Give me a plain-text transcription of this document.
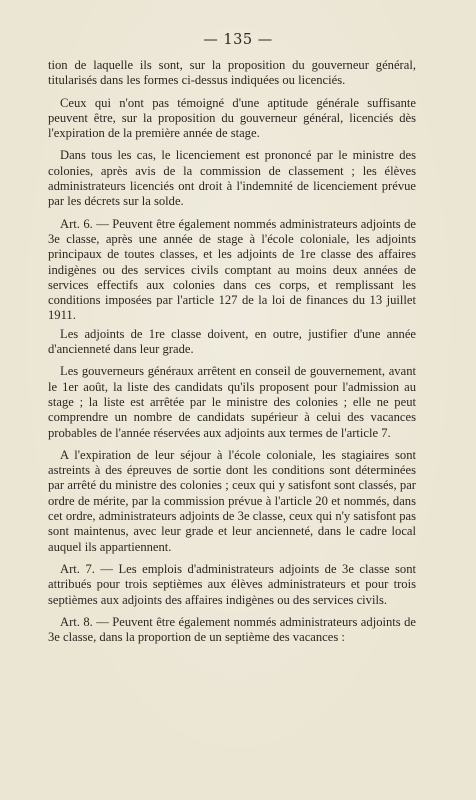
— 135 —

tion de laquelle ils sont, sur la proposition du gouverneur général, titularisés dans les formes ci-dessus indiquées ou licenciés.

Ceux qui n'ont pas témoigné d'une aptitude générale suffisante peuvent être, sur la proposition du gouverneur général, licenciés dès l'expiration de la première année de stage.

Dans tous les cas, le licenciement est prononcé par le ministre des colonies, après avis de la commission de classement ; les élèves administrateurs licenciés ont droit à l'indemnité de licenciement prévue par les décrets sur la solde.

Art. 6. — Peuvent être également nommés administrateurs adjoints de 3e classe, après une année de stage à l'école coloniale, les adjoints principaux de toutes classes, et les adjoints de 1re classe des affaires indigènes ou des services civils comptant au moins deux années de services effectifs aux colonies dans ces corps, et remplissant les conditions imposées par l'article 127 de la loi de finances du 13 juillet 1911.

Les adjoints de 1re classe doivent, en outre, justifier d'une année d'ancienneté dans leur grade.

Les gouverneurs généraux arrêtent en conseil de gouvernement, avant le 1er août, la liste des candidats qu'ils proposent pour l'admission au stage ; la liste est arrêtée par le ministre des colonies ; elle ne peut comprendre un nombre de candidats supérieur à celui des vacances probables de l'année réservées aux adjoints aux termes de l'article 7.

A l'expiration de leur séjour à l'école coloniale, les stagiaires sont astreints à des épreuves de sortie dont les conditions sont déterminées par arrêté du ministre des colonies ; ceux qui y satisfont sont classés, par ordre de mérite, par la commission prévue à l'article 20 et nommés, dans cet ordre, administrateurs adjoints de 3e classe, ceux qui n'y satisfont pas sont maintenus, avec leur grade et leur ancienneté, dans le cadre local auquel ils appartiennent.

Art. 7. — Les emplois d'administrateurs adjoints de 3e classe sont attribués pour trois septièmes aux élèves administrateurs et pour trois septièmes aux adjoints des affaires indigènes ou des services civils.

Art. 8. — Peuvent être également nommés administrateurs adjoints de 3e classe, dans la proportion de un septième des vacances :
